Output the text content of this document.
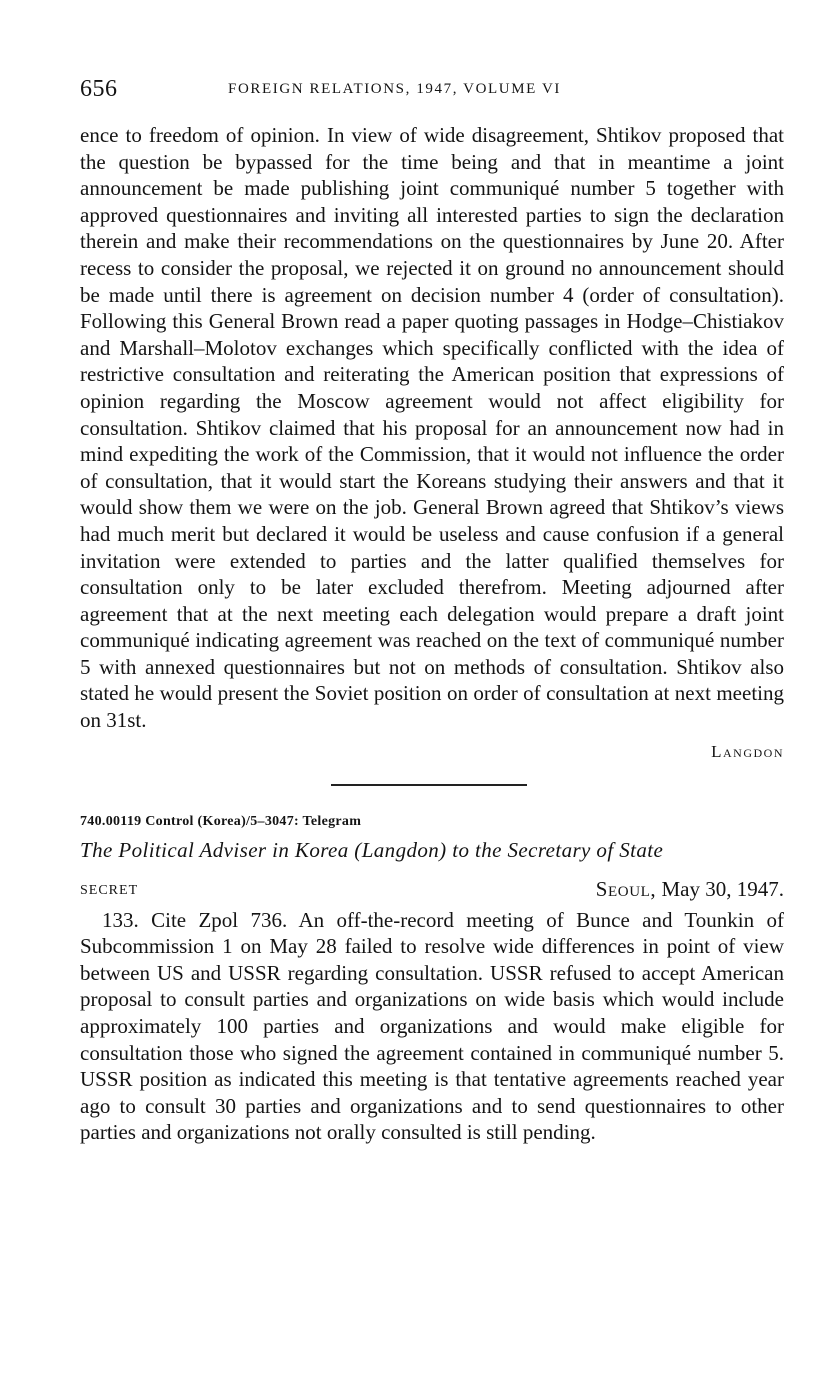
656	FOREIGN RELATIONS, 1947, VOLUME VI

ence to freedom of opinion. In view of wide disagreement, Shtikov proposed that the question be bypassed for the time being and that in meantime a joint announcement be made publishing joint communiqué number 5 together with approved questionnaires and inviting all interested parties to sign the declaration therein and make their recommendations on the questionnaires by June 20. After recess to consider the proposal, we rejected it on ground no announcement should be made until there is agreement on decision number 4 (order of consultation). Following this General Brown read a paper quoting passages in Hodge–Chistiakov and Marshall–Molotov exchanges which specifically conflicted with the idea of restrictive consultation and reiterating the American position that expressions of opinion regarding the Moscow agreement would not affect eligibility for consultation. Shtikov claimed that his proposal for an announcement now had in mind expediting the work of the Commission, that it would not influence the order of consultation, that it would start the Koreans studying their answers and that it would show them we were on the job. General Brown agreed that Shtikov’s views had much merit but declared it would be useless and cause confusion if a general invitation were extended to parties and the latter qualified themselves for consultation only to be later excluded therefrom. Meeting adjourned after agreement that at the next meeting each delegation would prepare a draft joint communiqué indicating agreement was reached on the text of communiqué number 5 with annexed questionnaires but not on methods of consultation. Shtikov also stated he would present the Soviet position on order of consultation at next meeting on 31st.

Langdon
740.00119 Control (Korea)/5–3047: Telegram
The Political Adviser in Korea (Langdon) to the Secretary of State
SECRET	Seoul, May 30, 1947.

133. Cite Zpol 736. An off-the-record meeting of Bunce and Tounkin of Subcommission 1 on May 28 failed to resolve wide differences in point of view between US and USSR regarding consultation. USSR refused to accept American proposal to consult parties and organizations on wide basis which would include approximately 100 parties and organizations and would make eligible for consultation those who signed the agreement contained in communiqué number 5. USSR position as indicated this meeting is that tentative agreements reached year ago to consult 30 parties and organizations and to send questionnaires to other parties and organizations not orally consulted is still pending.
